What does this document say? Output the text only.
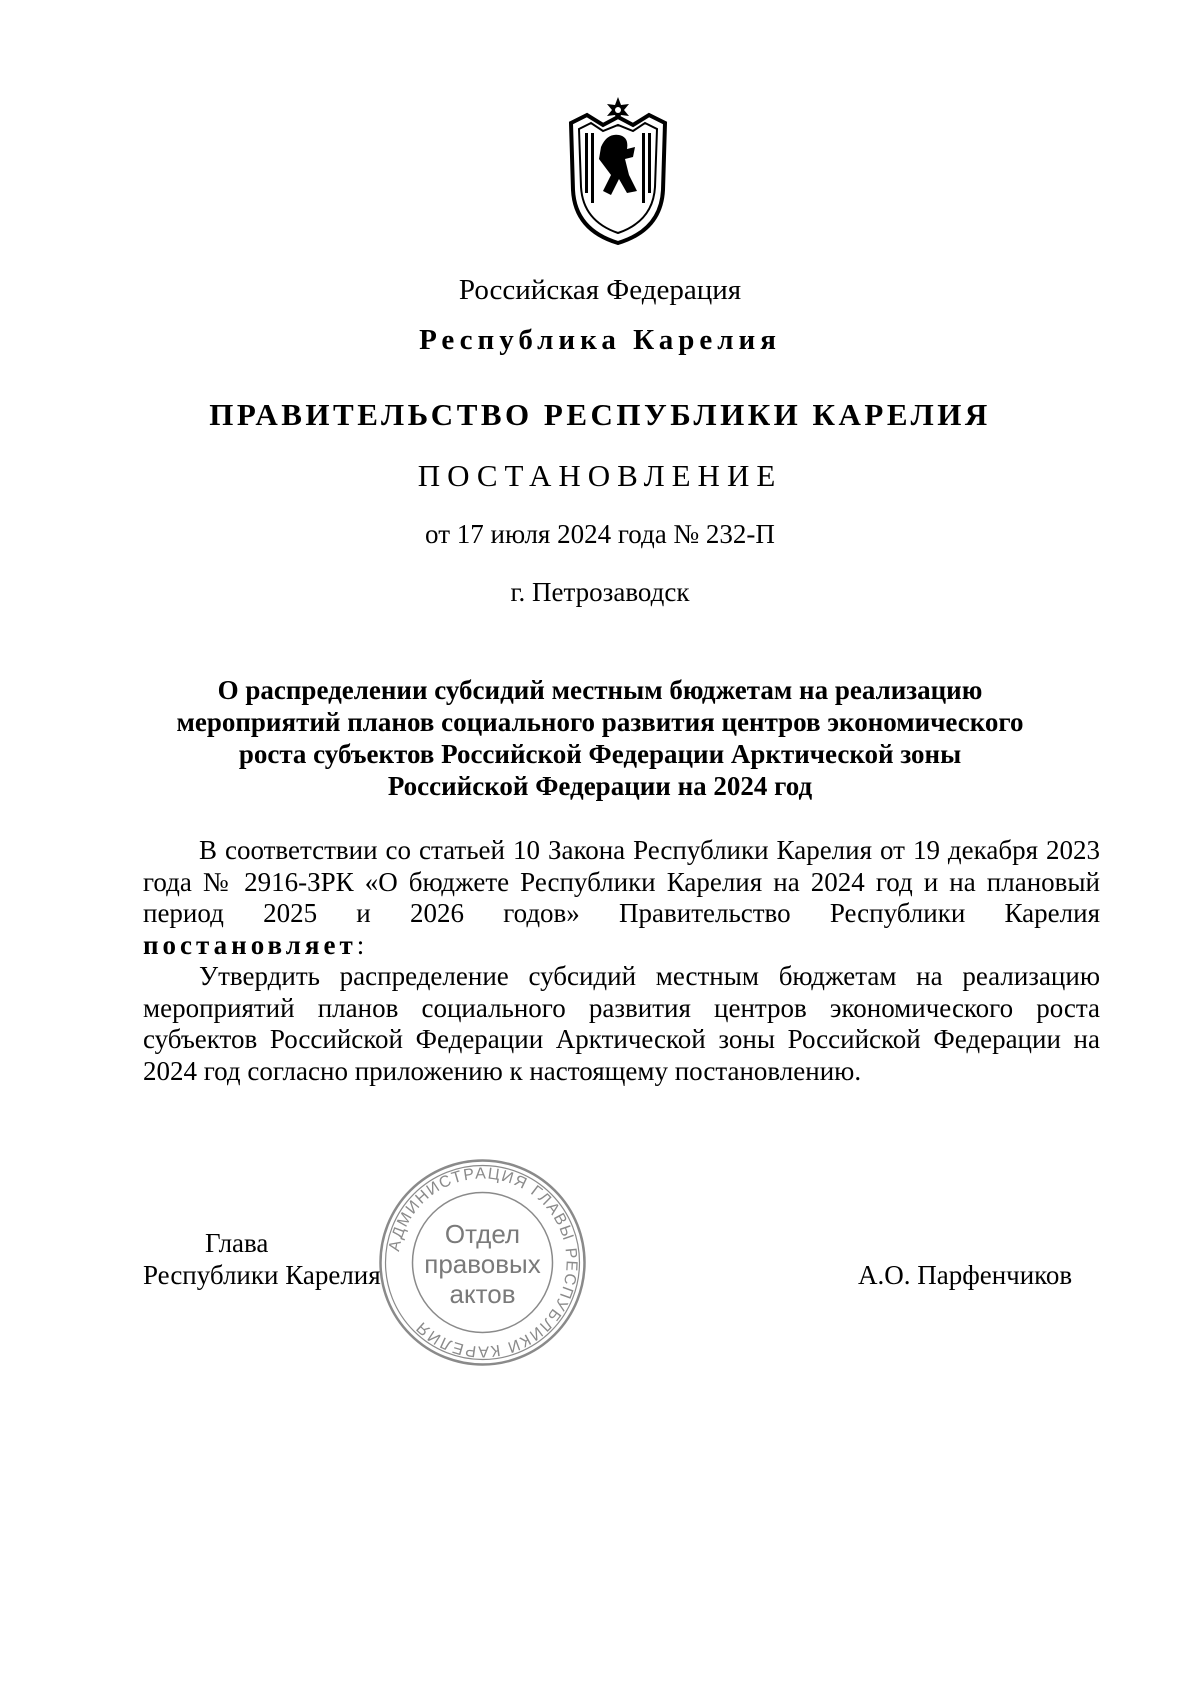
Российская Федерация
Республика Карелия
ПРАВИТЕЛЬСТВО РЕСПУБЛИКИ КАРЕЛИЯ
ПОСТАНОВЛЕНИЕ
от 17 июля 2024 года № 232-П
г. Петрозаводск
О распределении субсидий местным бюджетам на реализацию
мероприятий планов социального развития центров экономического
роста субъектов Российской Федерации Арктической зоны
Российской Федерации на 2024 год

В соответствии со статьей 10 Закона Республики Карелия от 19 декабря 2023 года № 2916-ЗРК «О бюджете Республики Карелия на 2024 год и на плановый период 2025 и 2026 годов» Правительство Республики Карелия постановляет:

Утвердить распределение субсидий местным бюджетам на реализацию мероприятий планов социального развития центров экономического роста субъектов Российской Федерации Арктической зоны Российской Федерации на 2024 год согласно приложению к настоящему постановлению.

Глава
Республики Карелия	А.О. Парфенчиков
АДМИНИСТРАЦИЯ ГЛАВЫ РЕСПУБЛИКИ КАРЕЛИЯ
Отдел
правовых
актов
